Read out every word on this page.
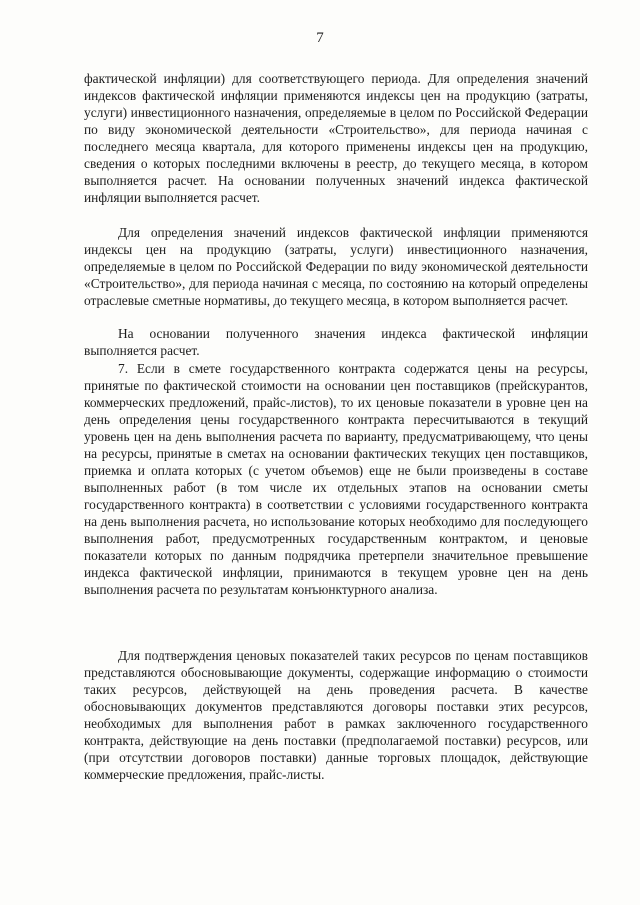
7

фактической инфляции) для соответствующего периода. Для определения значений индексов фактической инфляции применяются индексы цен на продукцию (затраты, услуги) инвестиционного назначения, определяемые в целом по Российской Федерации по виду экономической деятельности «Строительство», для периода начиная с последнего месяца квартала, для которого применены индексы цен на продукцию, сведения о которых последними включены в реестр, до текущего месяца, в котором выполняется расчет. На основании полученных значений индекса фактической инфляции выполняется расчет.

Для определения значений индексов фактической инфляции применяются индексы цен на продукцию (затраты, услуги) инвестиционного назначения, определяемые в целом по Российской Федерации по виду экономической деятельности «Строительство», для периода начиная с месяца, по состоянию на который определены отраслевые сметные нормативы, до текущего месяца, в котором выполняется расчет.

На основании полученного значения индекса фактической инфляции выполняется расчет.

7. Если в смете государственного контракта содержатся цены на ресурсы, принятые по фактической стоимости на основании цен поставщиков (прейскурантов, коммерческих предложений, прайс-листов), то их ценовые показатели в уровне цен на день определения цены государственного контракта пересчитываются в текущий уровень цен на день выполнения расчета по варианту, предусматривающему, что цены на ресурсы, принятые в сметах на основании фактических текущих цен поставщиков, приемка и оплата которых (с учетом объемов) еще не были произведены в составе выполненных работ (в том числе их отдельных этапов на основании сметы государственного контракта) в соответствии с условиями государственного контракта на день выполнения расчета, но использование которых необходимо для последующего выполнения работ, предусмотренных государственным контрактом, и ценовые показатели которых по данным подрядчика претерпели значительное превышение индекса фактической инфляции, принимаются в текущем уровне цен на день выполнения расчета по результатам конъюнктурного анализа.

Для подтверждения ценовых показателей таких ресурсов по ценам поставщиков представляются обосновывающие документы, содержащие информацию о стоимости таких ресурсов, действующей на день проведения расчета. В качестве обосновывающих документов представляются договоры поставки этих ресурсов, необходимых для выполнения работ в рамках заключенного государственного контракта, действующие на день поставки (предполагаемой поставки) ресурсов, или (при отсутствии договоров поставки) данные торговых площадок, действующие коммерческие предложения, прайс-листы.
